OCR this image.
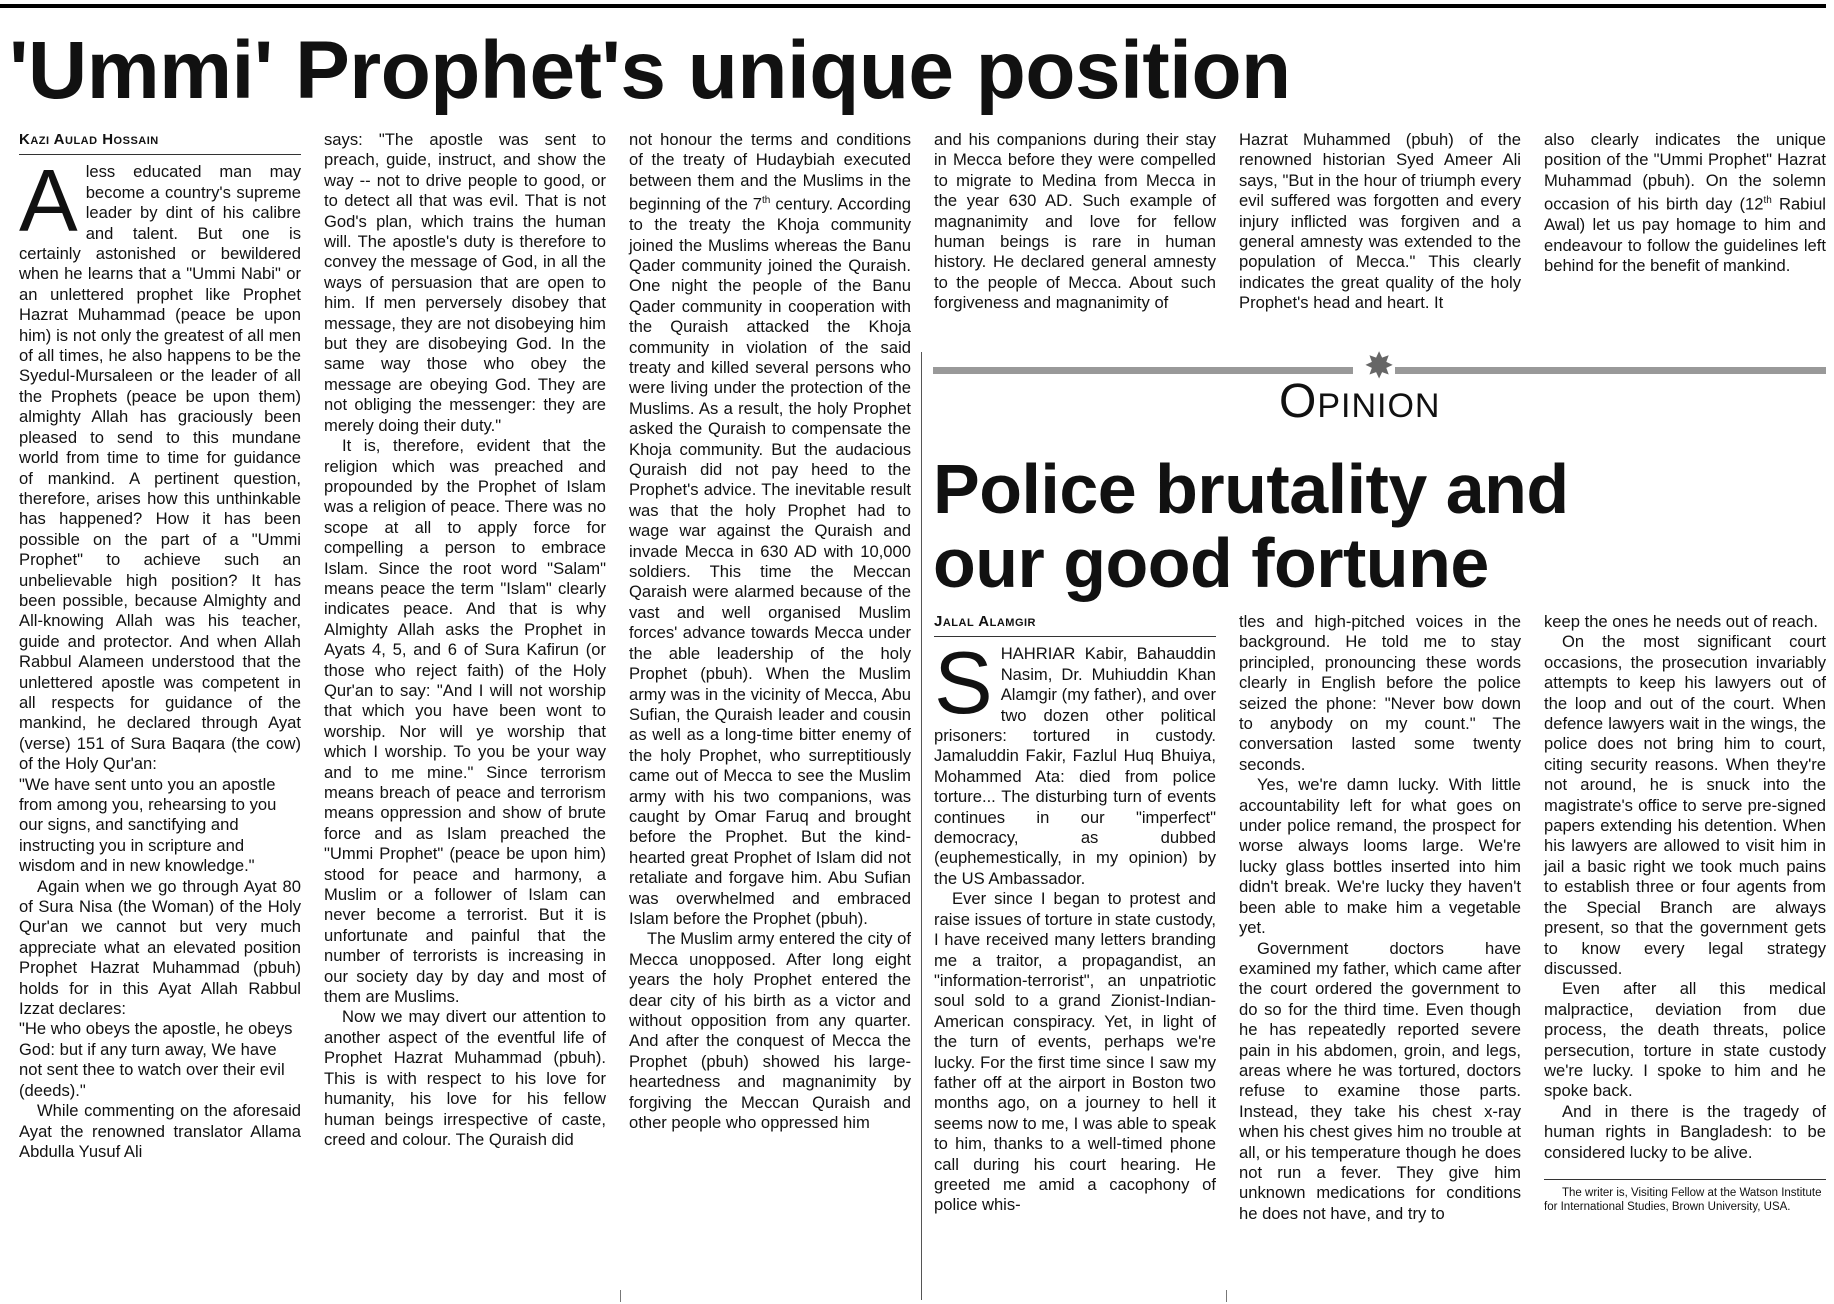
'Ummi' Prophet's unique position
Kazi Aulad Hossain

Aless educated man may become a country's supreme leader by dint of his calibre and talent. But one is certainly astonished or bewildered when he learns that a "Ummi Nabi" or an unlettered prophet like Prophet Hazrat Muhammad (peace be upon him) is not only the greatest of all men of all times, he also happens to be the Syedul-Mursaleen or the leader of all the Prophets (peace be upon them) almighty Allah has graciously been pleased to send to this mundane world from time to time for guidance of mankind. A pertinent question, therefore, arises how this unthinkable has happened? How it has been possible on the part of a "Ummi Prophet" to achieve such an unbelievable high position? It has been possible, because Almighty and All-knowing Allah was his teacher, guide and protector. And when Allah Rabbul Alameen understood that the unlettered apostle was competent in all respects for guidance of the mankind, he declared through Ayat (verse) 151 of Sura Baqara (the cow) of the Holy Qur'an:

"We have sent unto you an apostle from among you, rehearsing to you our signs, and sanctifying and instructing you in scripture and wisdom and in new knowledge."

Again when we go through Ayat 80 of Sura Nisa (the Woman) of the Holy Qur'an we cannot but very much appreciate what an elevated position Prophet Hazrat Muhammad (pbuh) holds for in this Ayat Allah Rabbul Izzat declares:

"He who obeys the apostle, he obeys God: but if any turn away, We have not sent thee to watch over their evil (deeds)."

While commenting on the aforesaid Ayat the renowned translator Allama Abdulla Yusuf Ali

says: "The apostle was sent to preach, guide, instruct, and show the way -- not to drive people to good, or to detect all that was evil. That is not God's plan, which trains the human will. The apostle's duty is therefore to convey the message of God, in all the ways of persuasion that are open to him. If men perversely disobey that message, they are not disobeying him but they are disobeying God. In the same way those who obey the message are obeying God. They are not obliging the messenger: they are merely doing their duty."

It is, therefore, evident that the religion which was preached and propounded by the Prophet of Islam was a religion of peace. There was no scope at all to apply force for compelling a person to embrace Islam. Since the root word "Salam" means peace the term "Islam" clearly indicates peace. And that is why Almighty Allah asks the Prophet in Ayats 4, 5, and 6 of Sura Kafirun (or those who reject faith) of the Holy Qur'an to say: "And I will not worship that which you have been wont to worship. Nor will ye worship that which I worship. To you be your way and to me mine." Since terrorism means breach of peace and terrorism means oppression and show of brute force and as Islam preached the "Ummi Prophet" (peace be upon him) stood for peace and harmony, a Muslim or a follower of Islam can never become a terrorist. But it is unfortunate and painful that the number of terrorists is increasing in our society day by day and most of them are Muslims.

Now we may divert our attention to another aspect of the eventful life of Prophet Hazrat Muhammad (pbuh). This is with respect to his love for humanity, his love for his fellow human beings irrespective of caste, creed and colour. The Quraish did

not honour the terms and conditions of the treaty of Hudaybiah executed between them and the Muslims in the beginning of the 7th century. According to the treaty the Khoja community joined the Muslims whereas the Banu Qader community joined the Quraish. One night the people of the Banu Qader community in cooperation with the Quraish attacked the Khoja community in violation of the said treaty and killed several persons who were living under the protection of the Muslims. As a result, the holy Prophet asked the Quraish to compensate the Khoja community. But the audacious Quraish did not pay heed to the Prophet's advice. The inevitable result was that the holy Prophet had to wage war against the Quraish and invade Mecca in 630 AD with 10,000 soldiers. This time the Meccan Qaraish were alarmed because of the vast and well organised Muslim forces' advance towards Mecca under the able leadership of the holy Prophet (pbuh). When the Muslim army was in the vicinity of Mecca, Abu Sufian, the Quraish leader and cousin as well as a long-time bitter enemy of the holy Prophet, who surreptitiously came out of Mecca to see the Muslim army with his two companions, was caught by Omar Faruq and brought before the Prophet. But the kind-hearted great Prophet of Islam did not retaliate and forgave him. Abu Sufian was overwhelmed and embraced Islam before the Prophet (pbuh).

The Muslim army entered the city of Mecca unopposed. After long eight years the holy Prophet entered the dear city of his birth as a victor and without opposition from any quarter. And after the conquest of Mecca the Prophet (pbuh) showed his large-heartedness and magnanimity by forgiving the Meccan Quraish and other people who oppressed him

and his companions during their stay in Mecca before they were compelled to migrate to Medina from Mecca in the year 630 AD. Such example of magnanimity and love for fellow human beings is rare in human history. He declared general amnesty to the people of Mecca. About such forgiveness and magnanimity of

Hazrat Muhammed (pbuh) of the renowned historian Syed Ameer Ali says, "But in the hour of triumph every evil suffered was forgotten and every injury inflicted was forgiven and a general amnesty was extended to the population of Mecca." This clearly indicates the great quality of the holy Prophet's head and heart. It

also clearly indicates the unique position of the "Ummi Prophet" Hazrat Muhammad (pbuh). On the solemn occasion of his birth day (12th Rabiul Awal) let us pay homage to him and endeavour to follow the guidelines left behind for the benefit of mankind.

✸
Opinion
Police brutality and
our good fortune
Jalal Alamgir

SHAHRIAR Kabir, Bahauddin Nasim, Dr. Muhiuddin Khan Alamgir (my father), and over two dozen other political prisoners: tortured in custody. Jamaluddin Fakir, Fazlul Huq Bhuiya, Mohammed Ata: died from police torture... The disturbing turn of events continues in our "imperfect" democracy, as dubbed (euphemestically, in my opinion) by the US Ambassador.

Ever since I began to protest and raise issues of torture in state custody, I have received many letters branding me a traitor, a propagandist, an "information-terrorist", an unpatriotic soul sold to a grand Zionist-Indian-American conspiracy. Yet, in light of the turn of events, perhaps we're lucky. For the first time since I saw my father off at the airport in Boston two months ago, on a journey to hell it seems now to me, I was able to speak to him, thanks to a well-timed phone call during his court hearing. He greeted me amid a cacophony of police whis-

tles and high-pitched voices in the background. He told me to stay principled, pronouncing these words clearly in English before the police seized the phone: "Never bow down to anybody on my count." The conversation lasted some twenty seconds.

Yes, we're damn lucky. With little accountability left for what goes on under police remand, the prospect for worse always looms large. We're lucky glass bottles inserted into him didn't break. We're lucky they haven't been able to make him a vegetable yet.

Government doctors have examined my father, which came after the court ordered the government to do so for the third time. Even though he has repeatedly reported severe pain in his abdomen, groin, and legs, areas where he was tortured, doctors refuse to examine those parts. Instead, they take his chest x-ray when his chest gives him no trouble at all, or his temperature though he does not run a fever. They give him unknown medications for conditions he does not have, and try to

keep the ones he needs out of reach.

On the most significant court occasions, the prosecution invariably attempts to keep his lawyers out of the loop and out of the court. When defence lawyers wait in the wings, the police does not bring him to court, citing security reasons. When they're not around, he is snuck into the magistrate's office to serve pre-signed papers extending his detention. When his lawyers are allowed to visit him in jail a basic right we took much pains to establish three or four agents from the Special Branch are always present, so that the government gets to know every legal strategy discussed.

Even after all this medical malpractice, deviation from due process, the death threats, police persecution, torture in state custody we're lucky. I spoke to him and he spoke back.

And in there is the tragedy of human rights in Bangladesh: to be considered lucky to be alive.

The writer is, Visiting Fellow at the Watson Institute for International Studies, Brown University, USA.
